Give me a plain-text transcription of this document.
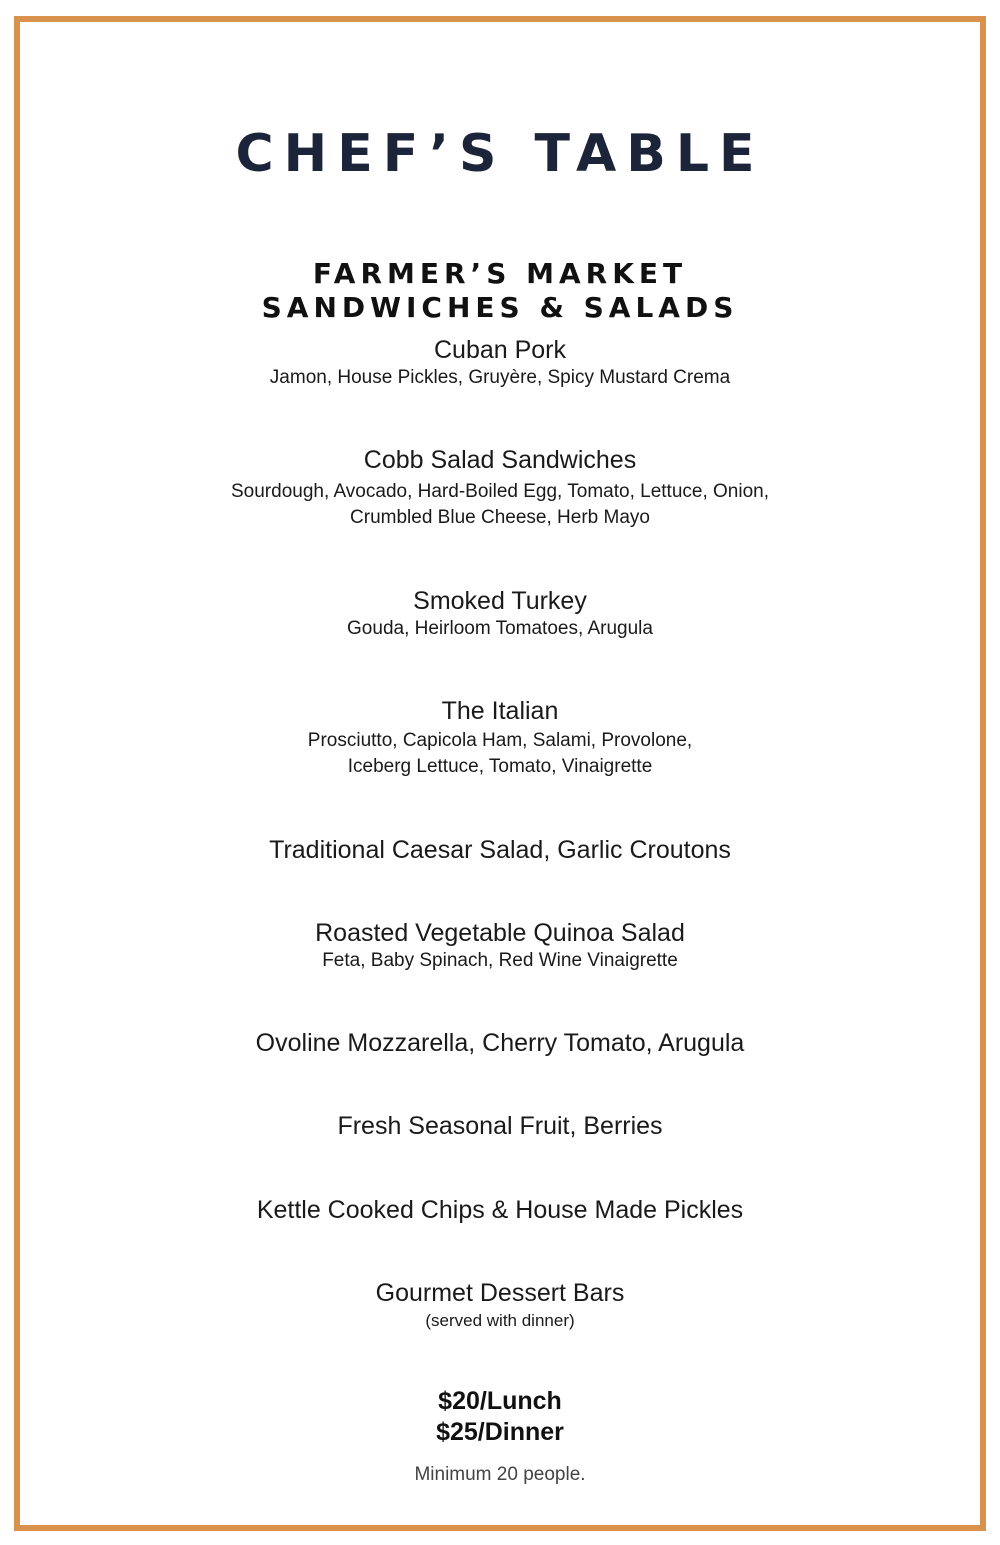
CHEF’S TABLE
FARMER’S MARKET
SANDWICHES & SALADS
Cuban Pork
Jamon, House Pickles, Gruyère, Spicy Mustard Crema
Cobb Salad Sandwiches
Sourdough, Avocado, Hard-Boiled Egg, Tomato, Lettuce, Onion,
Crumbled Blue Cheese, Herb Mayo
Smoked Turkey
Gouda, Heirloom Tomatoes, Arugula
The Italian
Prosciutto, Capicola Ham, Salami, Provolone,
Iceberg Lettuce, Tomato, Vinaigrette
Traditional Caesar Salad, Garlic Croutons
Roasted Vegetable Quinoa Salad
Feta, Baby Spinach, Red Wine Vinaigrette
Ovoline Mozzarella, Cherry Tomato, Arugula
Fresh Seasonal Fruit, Berries
Kettle Cooked Chips & House Made Pickles
Gourmet Dessert Bars
(served with dinner)
$20/Lunch
$25/Dinner
Minimum 20 people.
